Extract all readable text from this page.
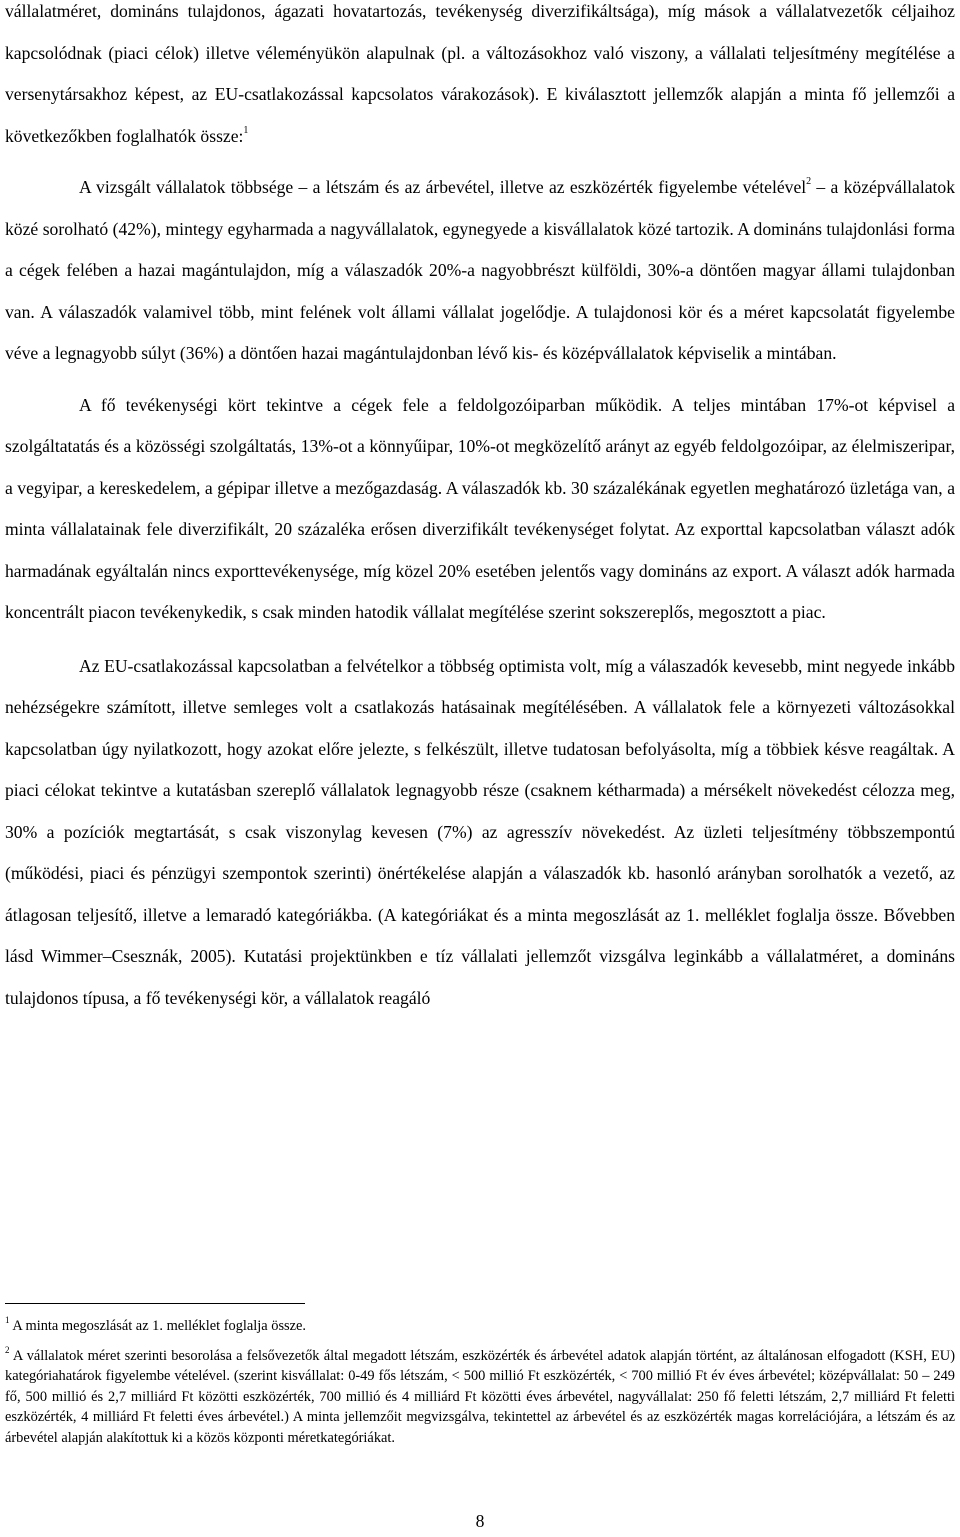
vállalatméret, domináns tulajdonos, ágazati hovatartozás, tevékenység diverzifikáltsága), míg mások a vállalatvezetők céljaihoz kapcsolódnak (piaci célok) illetve véleményükön alapulnak (pl. a változásokhoz való viszony, a vállalati teljesítmény megítélése a versenytársakhoz képest, az EU-csatlakozással kapcsolatos várakozások). E kiválasztott jellemzők alapján a minta fő jellemzői a következőkben foglalhatók össze:$^1$

A vizsgált vállalatok többsége – a létszám és az árbevétel, illetve az eszközérték figyelembe vételével$^2$ – a középvállalatok közé sorolható (42%), mintegy egyharmada a nagyvállalatok, egynegyede a kisvállalatok közé tartozik. A domináns tulajdonlási forma a cégek felében a hazai magántulajdon, míg a válaszadók 20%-a nagyobbrészt külföldi, 30%-a döntően magyar állami tulajdonban van. A válaszadók valamivel több, mint felének volt állami vállalat jogelődje. A tulajdonosi kör és a méret kapcsolatát figyelembe véve a legnagyobb súlyt (36%) a döntően hazai magántulajdonban lévő kis- és középvállalatok képviselik a mintában.

A fő tevékenységi kört tekintve a cégek fele a feldolgozóiparban működik. A teljes mintában 17%-ot képvisel a szolgáltatatás és a közösségi szolgáltatás, 13%-ot a könnyűipar, 10%-ot megközelítő arányt az egyéb feldolgozóipar, az élelmiszeripar, a vegyipar, a kereskedelem, a gépipar illetve a mezőgazdaság. A válaszadók kb. 30 százalékának egyetlen meghatározó üzletága van, a minta vállalatainak fele diverzifikált, 20 százaléka erősen diverzifikált tevékenységet folytat. Az exporttal kapcsolatban választ adók harmadának egyáltalán nincs exporttevékenysége, míg közel 20% esetében jelentős vagy domináns az export. A választ adók harmada koncentrált piacon tevékenykedik, s csak minden hatodik vállalat megítélése szerint sokszereplős, megosztott a piac.

Az EU-csatlakozással kapcsolatban a felvételkor a többség optimista volt, míg a válaszadók kevesebb, mint negyede inkább nehézségekre számított, illetve semleges volt a csatlakozás hatásainak megítélésében. A vállalatok fele a környezeti változásokkal kapcsolatban úgy nyilatkozott, hogy azokat előre jelezte, s felkészült, illetve tudatosan befolyásolta, míg a többiek késve reagáltak. A piaci célokat tekintve a kutatásban szereplő vállalatok legnagyobb része (csaknem kétharmada) a mérsékelt növekedést célozza meg, 30% a pozíciók megtartását, s csak viszonylag kevesen (7%) az agresszív növekedést. Az üzleti teljesítmény többszempontú (működési, piaci és pénzügyi szempontok szerinti) önértékelése alapján a válaszadók kb. hasonló arányban sorolhatók a vezető, az átlagosan teljesítő, illetve a lemaradó kategóriákba. (A kategóriákat és a minta megoszlását az 1. melléklet foglalja össze. Bővebben lásd Wimmer–Csesznák, 2005). Kutatási projektünkben e tíz vállalati jellemzőt vizsgálva leginkább a vállalatméret, a domináns tulajdonos típusa, a fő tevékenységi kör, a vállalatok reagáló

$^1$ A minta megoszlását az 1. melléklet foglalja össze.

$^2$ A vállalatok méret szerinti besorolása a felsővezetők által megadott létszám, eszközérték és árbevétel adatok alapján történt, az általánosan elfogadott (KSH, EU) kategóriahatárok figyelembe vételével. (szerint kisvállalat: 0-49 fős létszám, < 500 millió Ft eszközérték, < 700 millió Ft év éves árbevétel; középvállalat: 50 – 249 fő, 500 millió és 2,7 milliárd Ft közötti eszközérték, 700 millió és 4 milliárd Ft közötti éves árbevétel, nagyvállalat: 250 fő feletti létszám, 2,7 milliárd Ft feletti eszközérték, 4 milliárd Ft feletti éves árbevétel.) A minta jellemzőit megvizsgálva, tekintettel az árbevétel és az eszközérték magas korrelációjára, a létszám és az árbevétel alapján alakítottuk ki a közös központi méretkategóriákat.

8
